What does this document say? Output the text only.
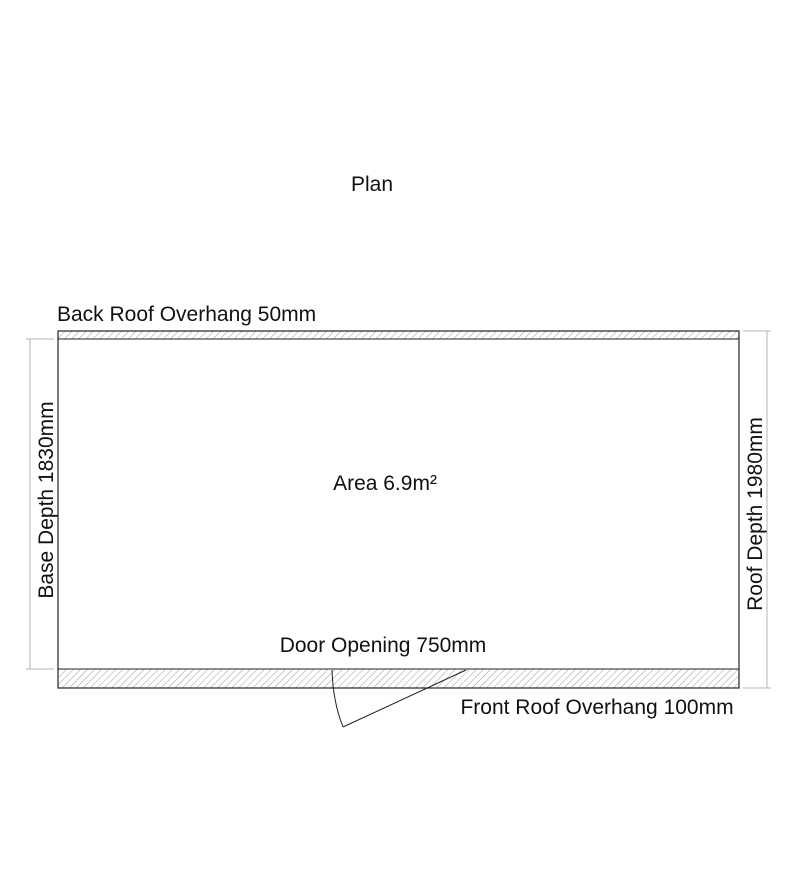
Plan
Back Roof Overhang 50mm
Area 6.9m²
Door Opening 750mm
Front Roof Overhang 100mm
Base Depth 1830mm	Roof Depth 1980mm
